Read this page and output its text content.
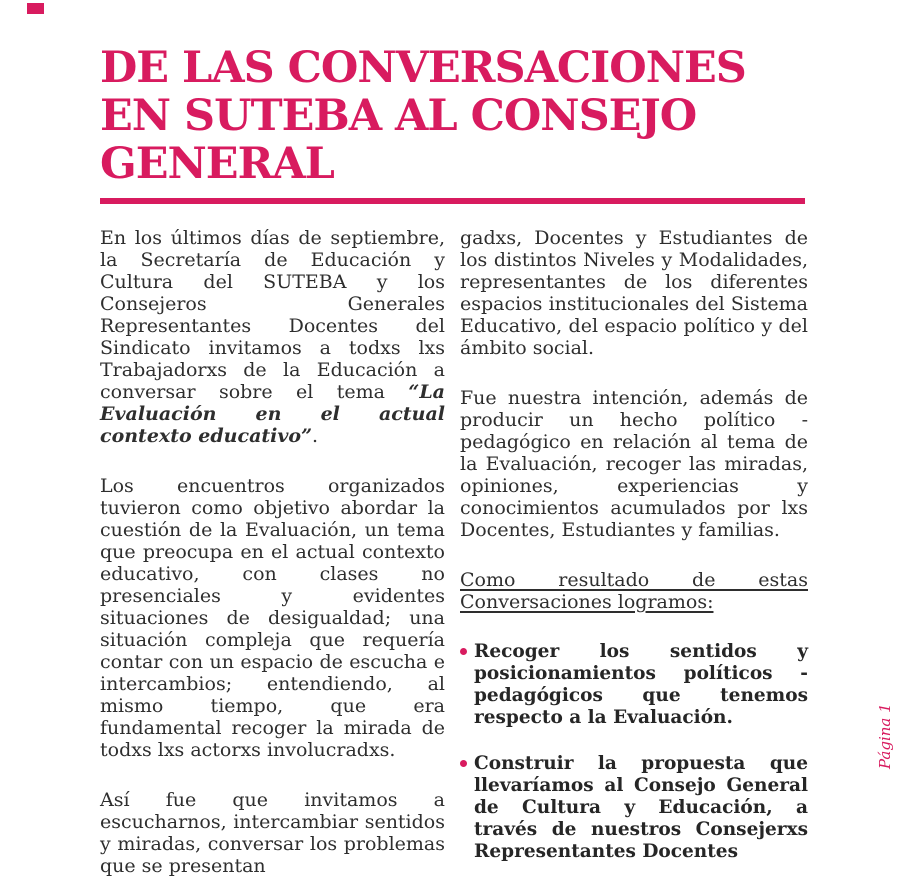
DE LAS CONVERSACIONES
EN SUTEBA AL CONSEJO
GENERAL

En los últimos días de septiembre, la Secretaría de Educación y Cultura del SUTEBA y los Consejeros Generales Representantes Docentes del Sindicato invitamos a todxs lxs Trabajadorxs de la Educación a conversar sobre el tema “La Evaluación en el actual contexto educativo”.

Los encuentros organizados tuvieron como objetivo abordar la cuestión de la Evaluación, un tema que preocupa en el actual contexto educativo, con clases no presenciales y evidentes situaciones de desigualdad; una situación compleja que requería contar con un espacio de escucha e intercambios; entendiendo, al mismo tiempo, que era fundamental recoger la mirada de todxs lxs actorxs involucradxs.

Así fue que invitamos a escucharnos, intercambiar sentidos y miradas, conversar los problemas que se presentan

gadxs, Docentes y Estudiantes de los distintos Niveles y Modalidades, representantes de los diferentes espacios institucionales del Sistema Educativo, del espacio político y del ámbito social.

Fue nuestra intención, además de producir un hecho político - pedagógico en relación al tema de la Evaluación, recoger las miradas, opiniones, experiencias y conocimientos acumulados por lxs Docentes, Estudiantes y familias.

Como resultado de estas Conversaciones logramos:

Recoger los sentidos y posicionamientos políticos - pedagógicos que tenemos respecto a la Evaluación.

Construir la propuesta que llevaríamos al Consejo General de Cultura y Educación, a través de nuestros Consejerxs Representantes Docentes

Página 1
